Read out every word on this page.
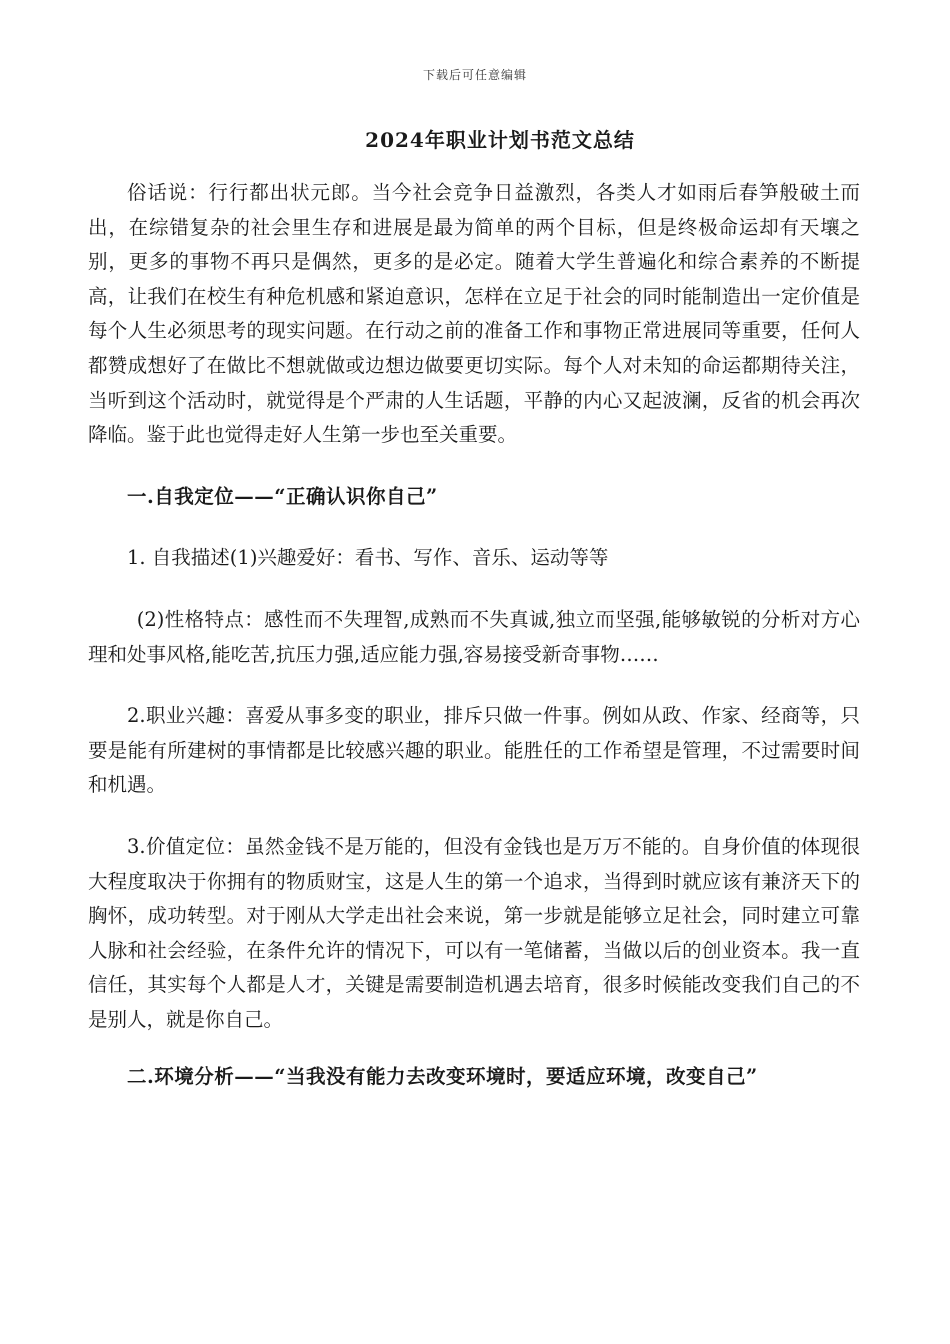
下载后可任意编辑
2024年职业计划书范文总结

俗话说：行行都出状元郎。当今社会竞争日益激烈，各类人才如雨后春笋般破土而出，在综错复杂的社会里生存和进展是最为简单的两个目标，但是终极命运却有天壤之别，更多的事物不再只是偶然，更多的是必定。随着大学生普遍化和综合素养的不断提高，让我们在校生有种危机感和紧迫意识，怎样在立足于社会的同时能制造出一定价值是每个人生必须思考的现实问题。在行动之前的准备工作和事物正常进展同等重要，任何人都赞成想好了在做比不想就做或边想边做要更切实际。每个人对未知的命运都期待关注，当听到这个活动时，就觉得是个严肃的人生话题，平静的内心又起波澜，反省的机会再次降临。鉴于此也觉得走好人生第一步也至关重要。

一.自我定位——“正确认识你自己”

1. 自我描述(1)兴趣爱好：看书、写作、音乐、运动等等

(2)性格特点：感性而不失理智,成熟而不失真诚,独立而坚强,能够敏锐的分析对方心理和处事风格,能吃苦,抗压力强,适应能力强,容易接受新奇事物……

2.职业兴趣：喜爱从事多变的职业，排斥只做一件事。例如从政、作家、经商等，只要是能有所建树的事情都是比较感兴趣的职业。能胜任的工作希望是管理，不过需要时间和机遇。

3.价值定位：虽然金钱不是万能的，但没有金钱也是万万不能的。自身价值的体现很大程度取决于你拥有的物质财宝，这是人生的第一个追求，当得到时就应该有兼济天下的胸怀，成功转型。对于刚从大学走出社会来说，第一步就是能够立足社会，同时建立可靠人脉和社会经验，在条件允许的情况下，可以有一笔储蓄，当做以后的创业资本。我一直信任，其实每个人都是人才，关键是需要制造机遇去培育，很多时候能改变我们自己的不是别人，就是你自己。

二.环境分析——“当我没有能力去改变环境时，要适应环境，改变自己”
